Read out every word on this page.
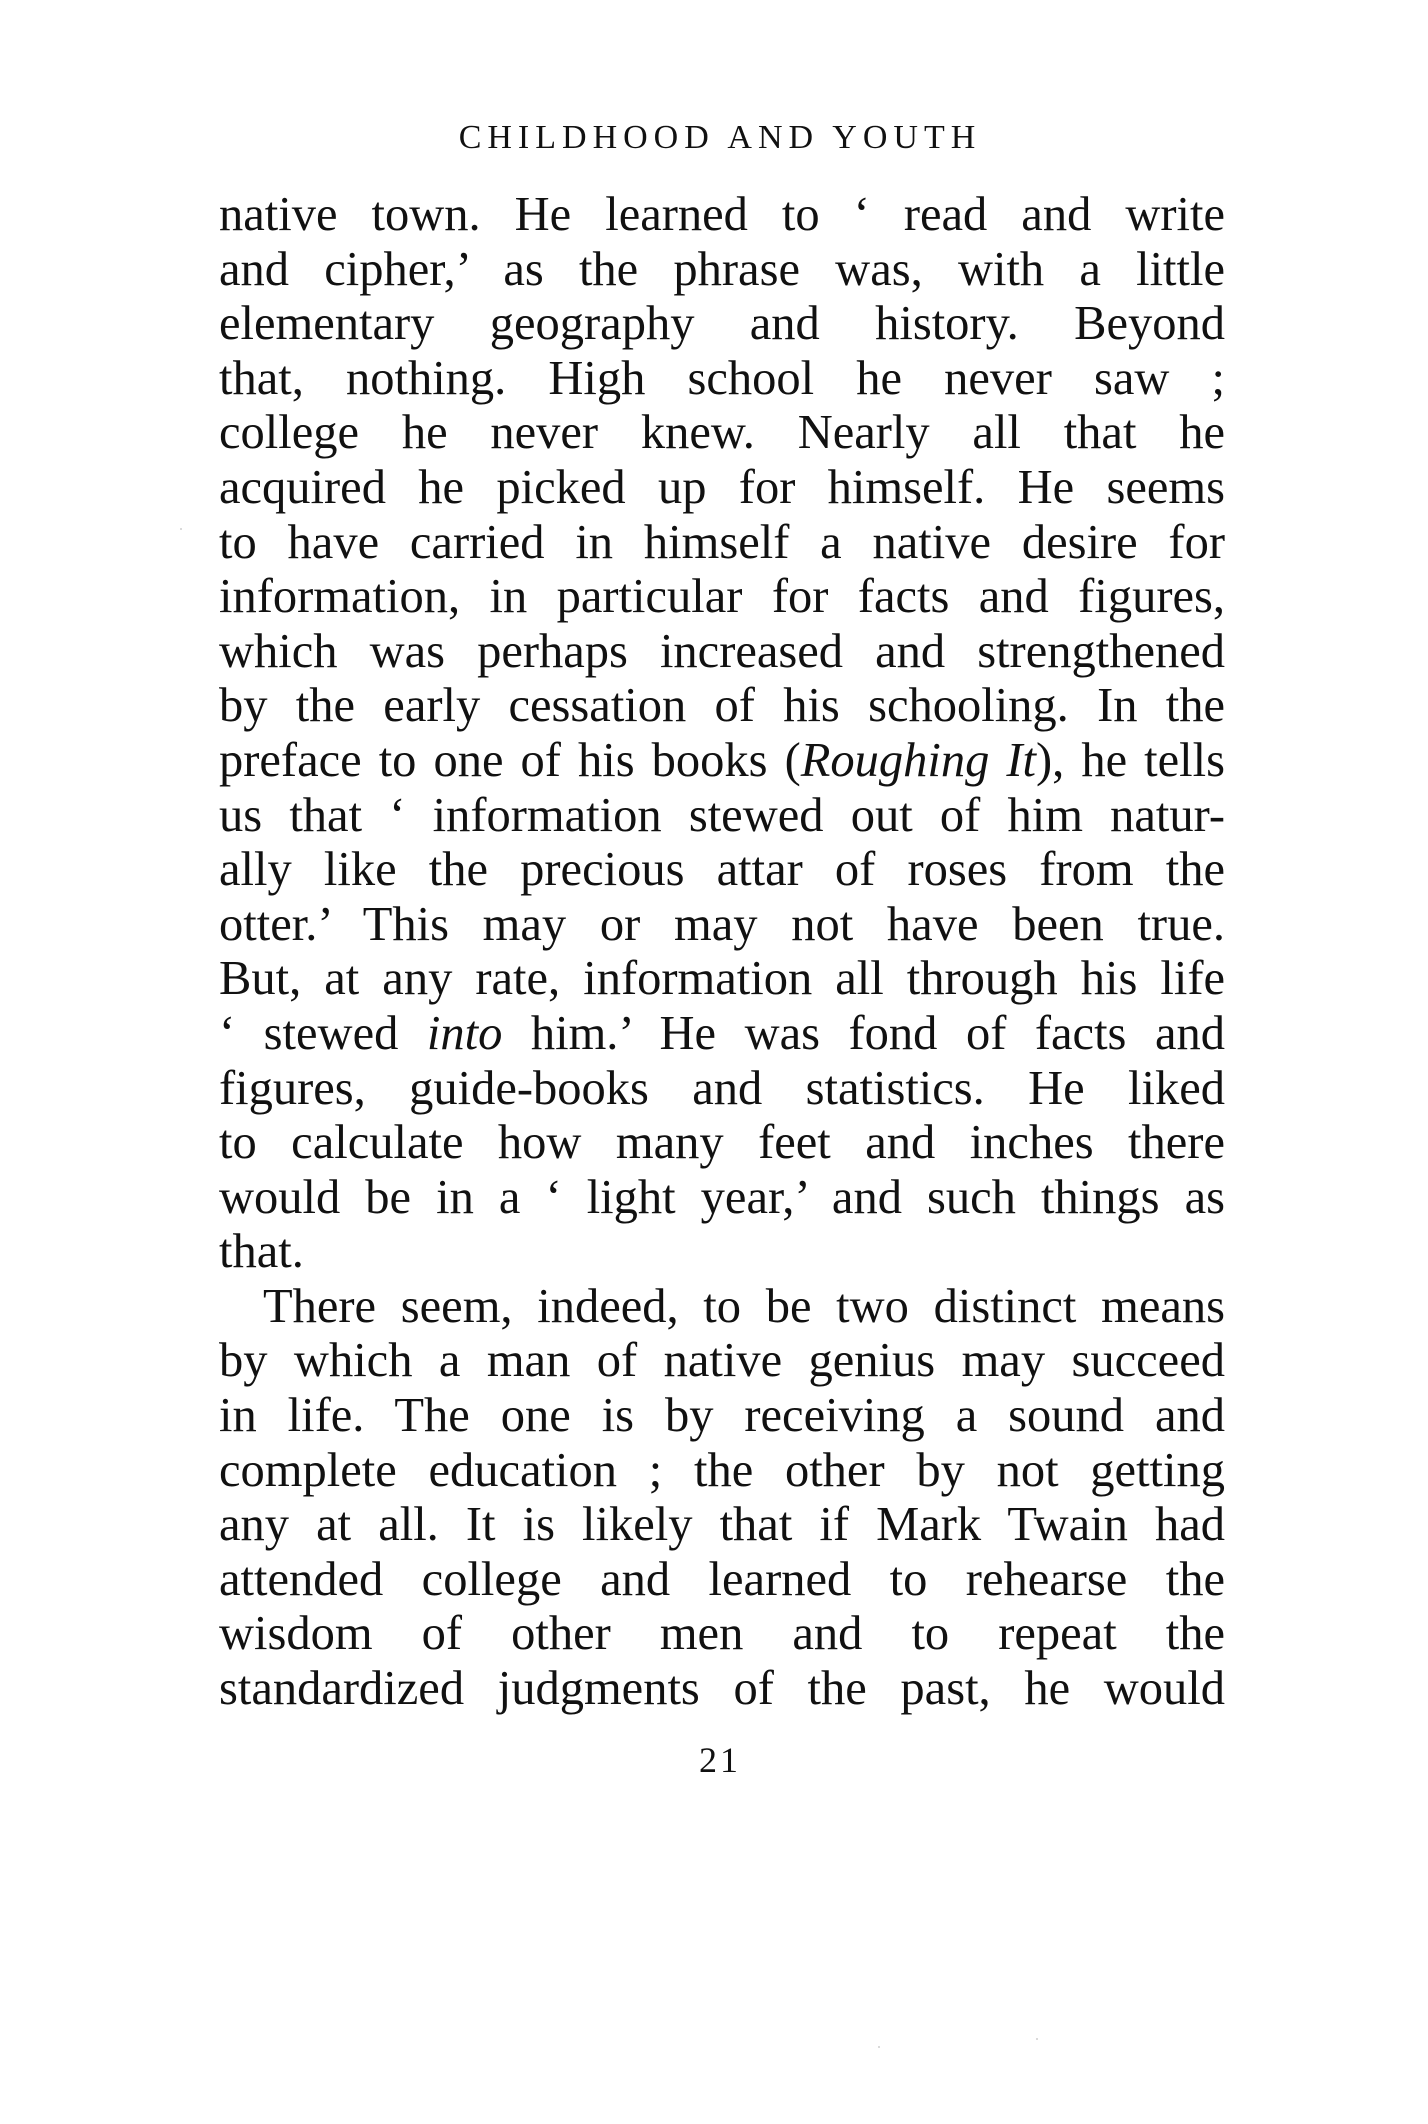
CHILDHOOD AND YOUTH
native town. He learned to ‘ read and write
and cipher,’ as the phrase was, with a little
elementary geography and history. Beyond
that, nothing. High school he never saw ;
college he never knew. Nearly all that he
acquired he picked up for himself. He seems
to have carried in himself a native desire for
information, in particular for facts and figures,
which was perhaps increased and strengthened
by the early cessation of his schooling. In the
preface to one of his books (Roughing It), he tells
us that ‘ information stewed out of him natur-
ally like the precious attar of roses from the
otter.’ This may or may not have been true.
But, at any rate, information all through his life
‘ stewed into him.’ He was fond of facts and
figures, guide-books and statistics. He liked
to calculate how many feet and inches there
would be in a ‘ light year,’ and such things as
that.
There seem, indeed, to be two distinct means
by which a man of native genius may succeed
in life. The one is by receiving a sound and
complete education ; the other by not getting
any at all. It is likely that if Mark Twain had
attended college and learned to rehearse the
wisdom of other men and to repeat the
standardized judgments of the past, he would
21
